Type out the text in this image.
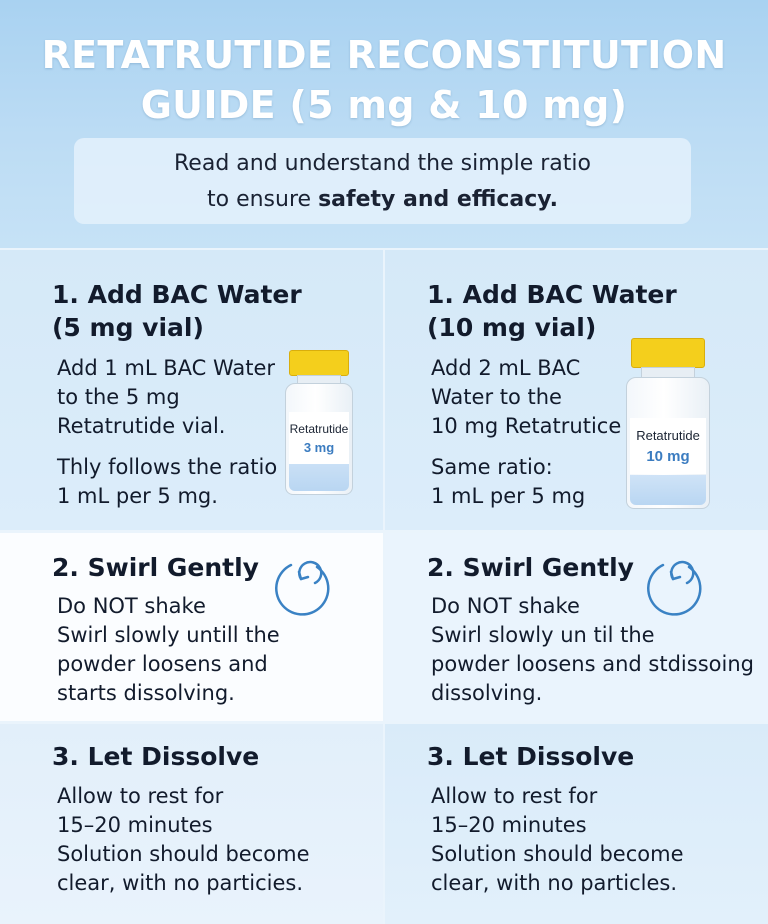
RETATRUTIDE RECONSTITUTION
GUIDE (5 mg & 10 mg)
Read and understand the simple ratio
to ensure safety and efficacy.
1. Add BAC Water
(5 mg vial)
Add 1 mL BAC Water
to the 5 mg
Retatrutide vial.
Thly follows the ratio
1 mL per 5 mg.
Retatrutide
3 mg
1. Add BAC Water
(10 mg vial)
Add 2 mL BAC
Water to the
10 mg Retatrutice
Same ratio:
1 mL per 5 mg
Retatrutide
10 mg
2. Swirl Gently
Do NOT shake
Swirl slowly untill the
powder loosens and
starts dissolving.
2. Swirl Gently
Do NOT shake
Swirl slowly un til the
powder loosens and stdissoing
dissolving.
3. Let Dissolve
Allow to rest for
15–20 minutes
Solution should become
clear, with no particies.
3. Let Dissolve
Allow to rest for
15–20 minutes
Solution should become
clear, with no particles.
